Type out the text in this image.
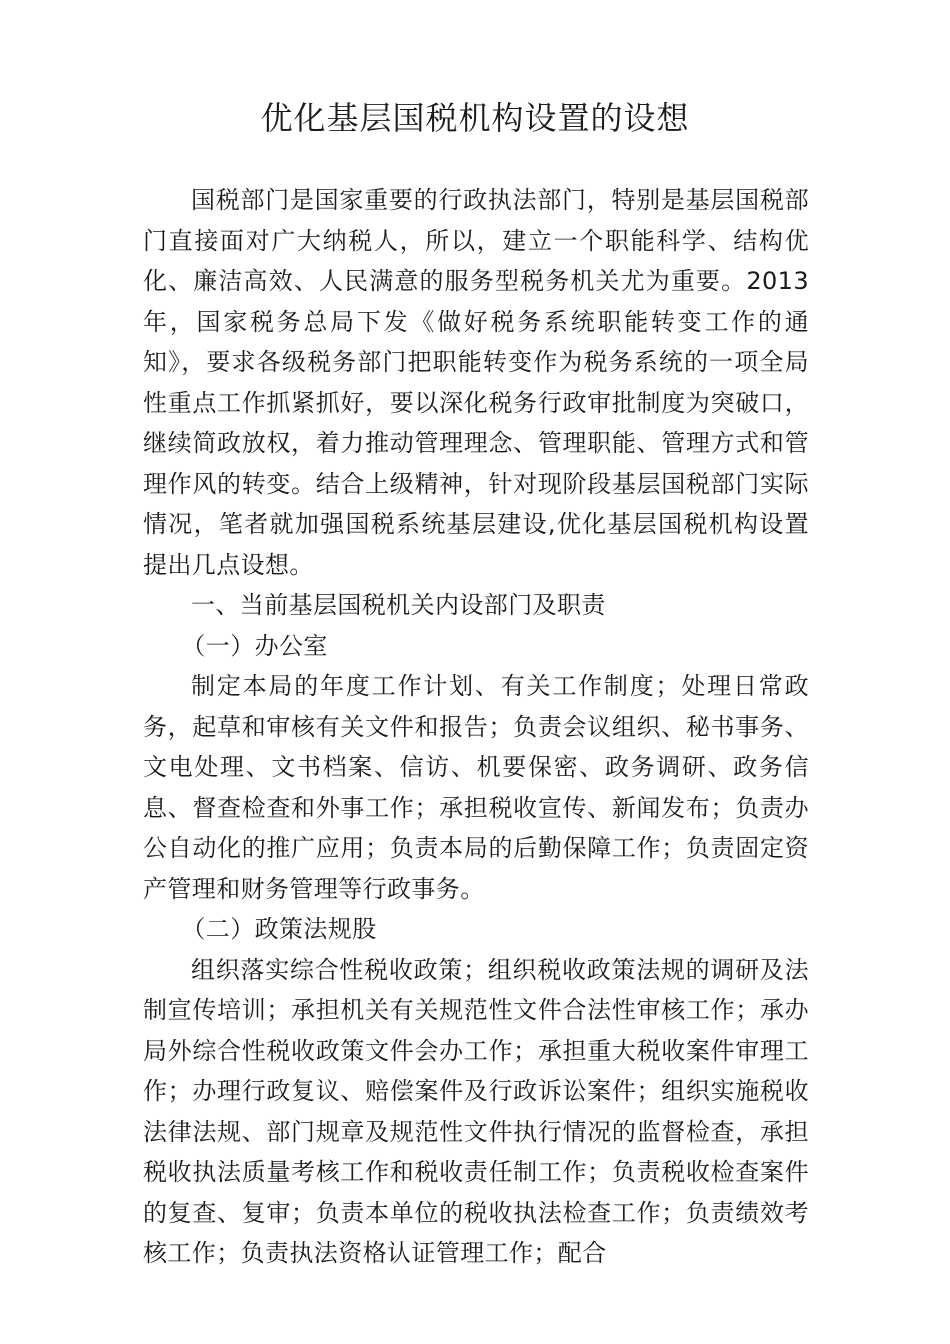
优化基层国税机构设置的设想

国税部门是国家重要的行政执法部门，特别是基层国税部门直接面对广大纳税人，所以，建立一个职能科学、结构优化、廉洁高效、人民满意的服务型税务机关尤为重要。2013年，国家税务总局下发《做好税务系统职能转变工作的通知》，要求各级税务部门把职能转变作为税务系统的一项全局性重点工作抓紧抓好，要以深化税务行政审批制度为突破口，继续简政放权，着力推动管理理念、管理职能、管理方式和管理作风的转变。结合上级精神，针对现阶段基层国税部门实际情况，笔者就加强国税系统基层建设,优化基层国税机构设置提出几点设想。

一、当前基层国税机关内设部门及职责

（一）办公室

制定本局的年度工作计划、有关工作制度；处理日常政务，起草和审核有关文件和报告；负责会议组织、秘书事务、文电处理、文书档案、信访、机要保密、政务调研、政务信息、督查检查和外事工作；承担税收宣传、新闻发布；负责办公自动化的推广应用；负责本局的后勤保障工作；负责固定资产管理和财务管理等行政事务。

（二）政策法规股

组织落实综合性税收政策；组织税收政策法规的调研及法制宣传培训；承担机关有关规范性文件合法性审核工作；承办局外综合性税收政策文件会办工作；承担重大税收案件审理工作；办理行政复议、赔偿案件及行政诉讼案件；组织实施税收法律法规、部门规章及规范性文件执行情况的监督检查，承担税收执法质量考核工作和税收责任制工作；负责税收检查案件的复查、复审；负责本单位的税收执法检查工作；负责绩效考核工作；负责执法资格认证管理工作；配合
